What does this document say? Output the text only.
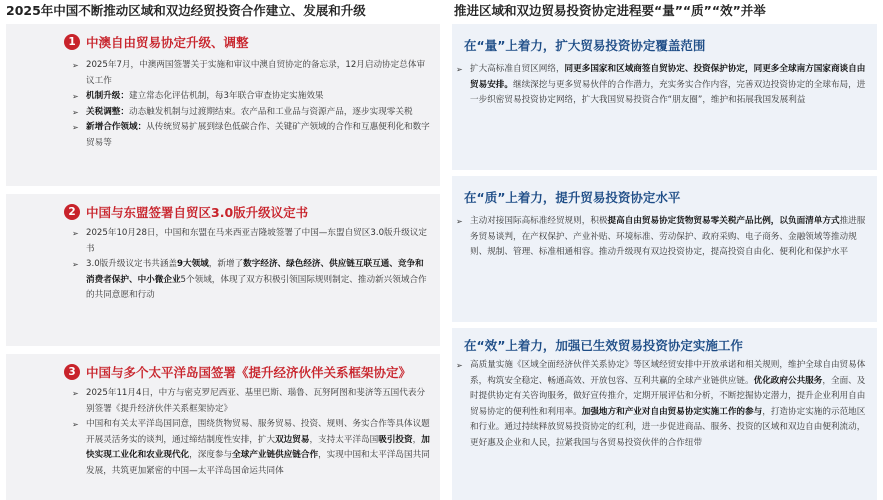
2025年中国不断推动区域和双边经贸投资合作建立、发展和升级	推进区域和双边贸易投资协定进程要“量”“质”“效”并举
1 中澳自由贸易协定升级、调整
➢ 2025年7月，中澳两国签署关于实施和审议中澳自贸协定的备忘录，12月启动协定总体审议工作
➢ 机制升级：建立常态化评估机制，每3年联合审查协定实施效果
➢ 关税调整：动态触发机制与过渡期结束。农产品和工业品与资源产品，逐步实现零关税
➢ 新增合作领域：从传统贸易扩展到绿色低碳合作、关键矿产领域的合作和互惠便利化和数字贸易等
2 中国与东盟签署自贸区3.0版升级议定书
➢ 2025年10月28日，中国和东盟在马来西亚吉隆坡签署了中国—东盟自贸区3.0版升级议定书
➢ 3.0版升级议定书共涵盖9大领域，新增了数字经济、绿色经济、供应链互联互通、竞争和消费者保护、中小微企业5个领域，体现了双方积极引领国际规则制定、推动新兴领域合作的共同意愿和行动
3 中国与多个太平洋岛国签署《提升经济伙伴关系框架协定》
➢ 2025年11月4日，中方与密克罗尼西亚、基里巴斯、瑙鲁、瓦努阿图和斐济等五国代表分别签署《提升经济伙伴关系框架协定》
➢ 中国和有关太平洋岛国同意，围绕货物贸易、服务贸易、投资、规则、务实合作等具体议题开展灵活务实的谈判，通过缔结制度性安排，扩大双边贸易，支持太平洋岛国吸引投资，加快实现工业化和农业现代化，深度参与全球产业链供应链合作，实现中国和太平洋岛国共同发展，共筑更加紧密的中国—太平洋岛国命运共同体
在“量”上着力，扩大贸易投资协定覆盖范围
➢ 扩大高标准自贸区网络，同更多国家和区域商签自贸协定、投资保护协定，同更多全球南方国家商谈自由贸易安排。继续深挖与更多贸易伙伴的合作潜力，充实务实合作内容，完善双边投资协定的全球布局，进一步织密贸易投资协定网络，扩大我国贸易投资合作“朋友圈”，维护和拓展我国发展利益
在“质”上着力，提升贸易投资协定水平
➢ 主动对接国际高标准经贸规则，积极提高自由贸易协定货物贸易零关税产品比例，以负面清单方式推进服务贸易谈判，在产权保护、产业补贴、环境标准、劳动保护、政府采购、电子商务、金融领域等推动规则、规制、管理、标准相通相容。推动升级现有双边投资协定，提高投资自由化、便利化和保护水平
在“效”上着力，加强已生效贸易投资协定实施工作
➢ 高质量实施《区域全面经济伙伴关系协定》等区域经贸安排中开放承诺和相关规则，维护全球自由贸易体系，构筑安全稳定、畅通高效、开放包容、互利共赢的全球产业链供应链。优化政府公共服务，全面、及时提供协定有关咨询服务，做好宣传推介，定期开展评估和分析，不断挖掘协定潜力，提升企业利用自由贸易协定的便利性和利用率。加强地方和产业对自由贸易协定实施工作的参与，打造协定实施的示范地区和行业。通过持续释放贸易投资协定的红利，进一步促进商品、服务、投资的区域和双边自由便利流动，更好惠及企业和人民，拉紧我国与各贸易投资伙伴的合作纽带
